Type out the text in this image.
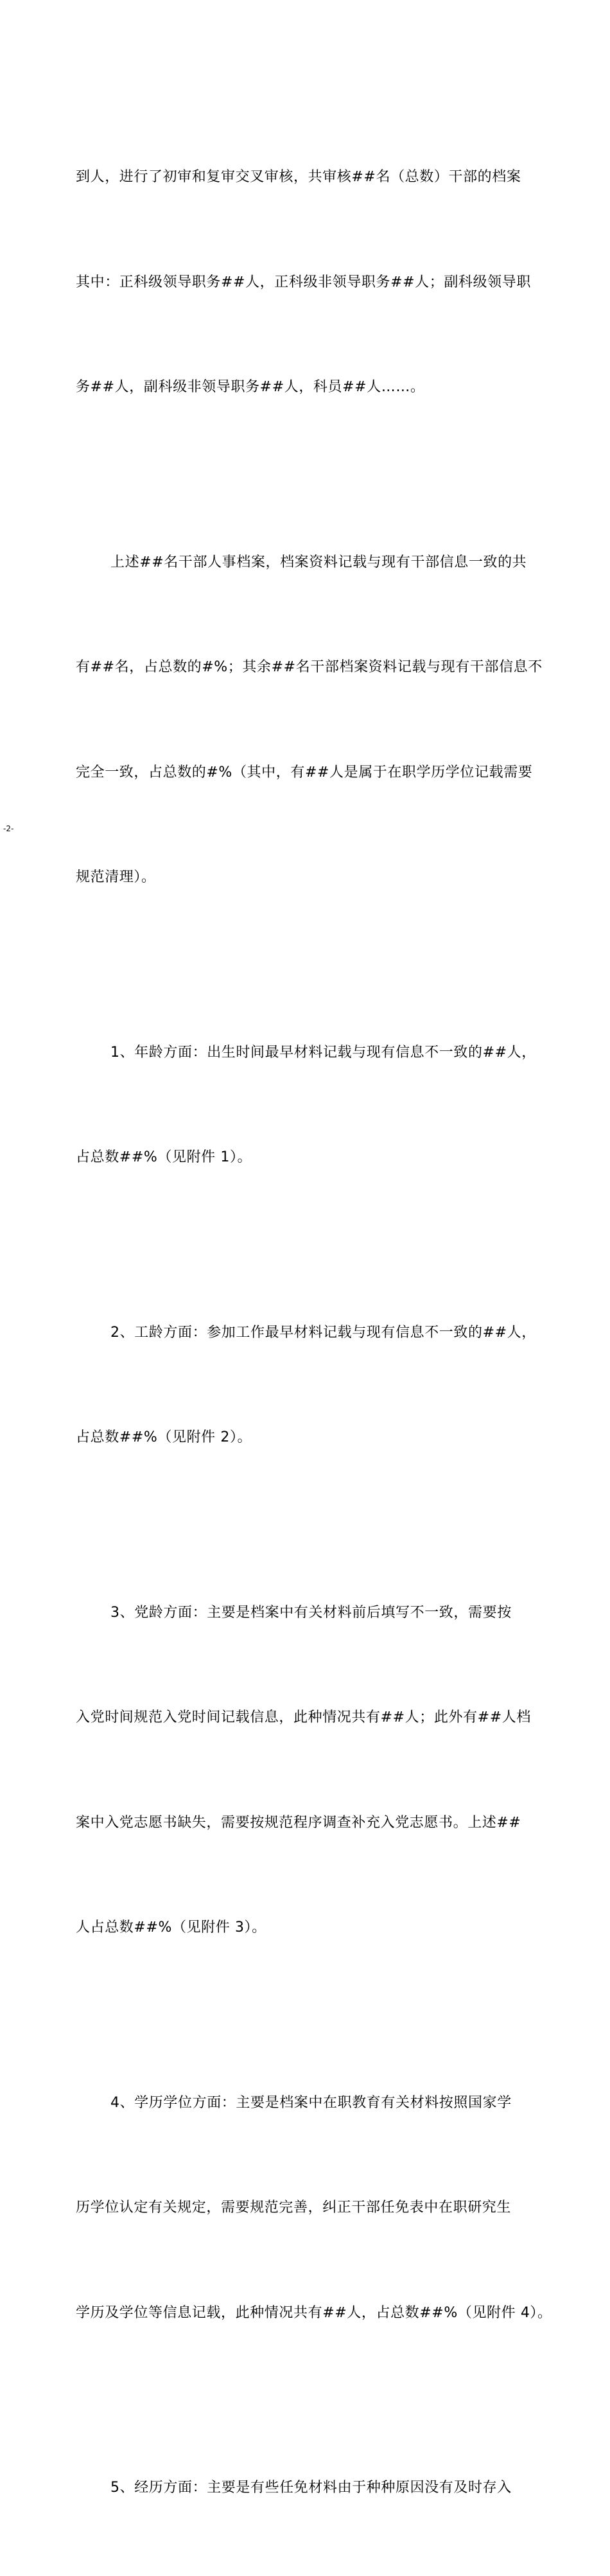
到人，进行了初审和复审交叉审核，共审核##名（总数）干部的档案

其中：正科级领导职务##人，正科级非领导职务##人；副科级领导职

务##人，副科级非领导职务##人，科员##人……。

上述##名干部人事档案，档案资料记载与现有干部信息一致的共

有##名，占总数的#%；其余##名干部档案资料记载与现有干部信息不

完全一致，占总数的#%（其中，有##人是属于在职学历学位记载需要

规范清理）。

1、年龄方面：出生时间最早材料记载与现有信息不一致的##人，

占总数##%（见附件 1）。

2、工龄方面：参加工作最早材料记载与现有信息不一致的##人，

占总数##%（见附件 2）。

3、党龄方面：主要是档案中有关材料前后填写不一致，需要按

入党时间规范入党时间记载信息，此种情况共有##人；此外有##人档

案中入党志愿书缺失，需要按规范程序调查补充入党志愿书。上述##

人占总数##%（见附件 3）。

4、学历学位方面：主要是档案中在职教育有关材料按照国家学

历学位认定有关规定，需要规范完善，纠正干部任免表中在职研究生

学历及学位等信息记载，此种情况共有##人，占总数##%（见附件 4）。

5、经历方面：主要是有些任免材料由于种种原因没有及时存入

-2-
